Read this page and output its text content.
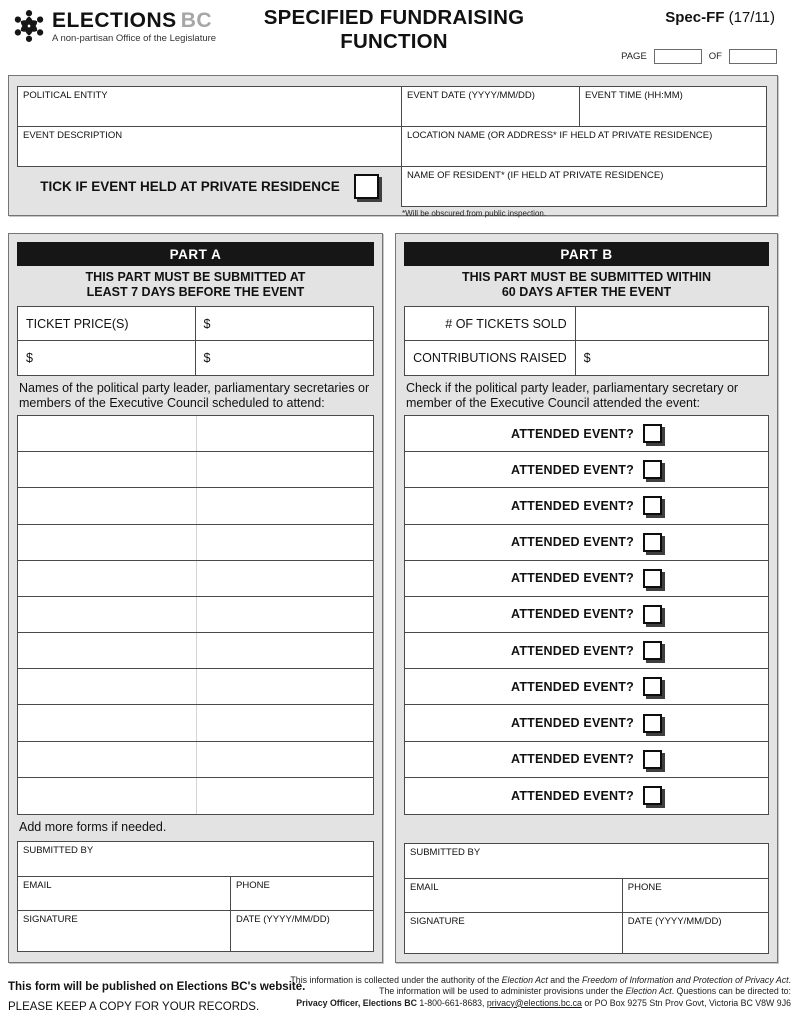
ELECTIONS BC
A non-partisan Office of the Legislature
SPECIFIED FUNDRAISING
FUNCTION
Spec-FF (17/11)
PAGE	OF
POLITICAL ENTITY	EVENT DATE (YYYY/MM/DD)	EVENT TIME (HH:MM)
EVENT DESCRIPTION	LOCATION NAME (OR ADDRESS* IF HELD AT PRIVATE RESIDENCE)
TICK IF EVENT HELD AT PRIVATE RESIDENCE
NAME OF RESIDENT* (IF HELD AT PRIVATE RESIDENCE)
*Will be obscured from public inspection.
PART A
THIS PART MUST BE SUBMITTED AT
LEAST 7 DAYS BEFORE THE EVENT
TICKET PRICE(S)	$
$	$
Names of the political party leader, parliamentary secretaries or members of the Executive Council scheduled to attend:
Add more forms if needed.
SUBMITTED BY
EMAIL	PHONE
SIGNATURE	DATE (YYYY/MM/DD)
PART B
THIS PART MUST BE SUBMITTED WITHIN
60 DAYS AFTER THE EVENT
# OF TICKETS SOLD
CONTRIBUTIONS RAISED $
Check if the political party leader, parliamentary secretary or member of the Executive Council attended the event:
ATTENDED EVENT?
ATTENDED EVENT?
ATTENDED EVENT?
ATTENDED EVENT?
ATTENDED EVENT?
ATTENDED EVENT?
ATTENDED EVENT?
ATTENDED EVENT?
ATTENDED EVENT?
ATTENDED EVENT?
ATTENDED EVENT?
SUBMITTED BY
EMAIL	PHONE
SIGNATURE	DATE (YYYY/MM/DD)
This form will be published on Elections BC's website.
PLEASE KEEP A COPY FOR YOUR RECORDS.
This information is collected under the authority of the Election Act and the Freedom of Information and Protection of Privacy Act.
The information will be used to administer provisions under the Election Act. Questions can be directed to:
Privacy Officer, Elections BC 1-800-661-8683, privacy@elections.bc.ca or PO Box 9275 Stn Prov Govt, Victoria BC V8W 9J6
